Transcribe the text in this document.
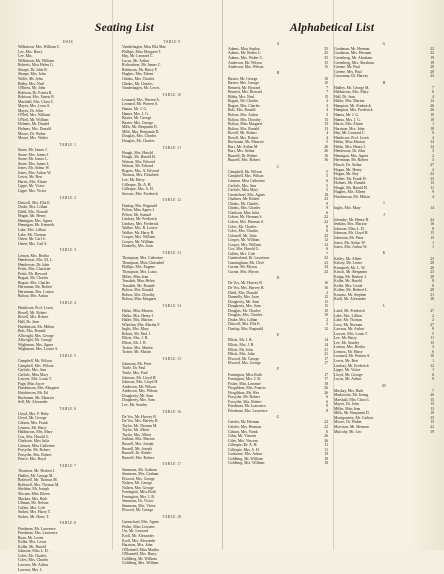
Seating List	Alphabetical List
DAIS
Wilkinson, Mrs. William C.
Lee, Mrs. Harry
Lee, Mrs.
Wilkinson, Mr. William
Roberts, Miss Helen G.
Sharpe, Dr. John R.
Sharpe, Mrs. John
Wolfe, Mr. John
Bibby, Mrs. Neal
O'Brien, Mr. John
Robison, Dr. Ernest R.
Robison, Mrs. Ernest R.
Marshall, Mrs. Clara C.
Mayes, Mrs. Leon A.
Mayes, Dr. John
O'Neil, Mrs. William
O'Neil, Mr. William
Holmes, Mr. Donald
Holmes, Mrs. Donald
Moore, Dr. Walter
Moore, Mrs. Walter
TABLE 1
Stone, Mr. James J.
Stone, Mrs. James J.
Stone, Mr. James L.
Stone, Mrs. James L.
Jones, Mr. Arthur W.
Jones, Mrs. Arthur W.
Lewis, Mr. Bert
Harris, Mrs. Elaine
Lippe, Mr. Victor
Lippe, Mrs. Victor
TABLE 2
Driscoll, Mrs. Ella E.
Drake, Mrs. Lillian
Diehl, Mrs. Donald
Hogan, Mr. Henry
Hennigan, Mrs. Agnes
Hennigan, Mr. Kenneth
Lake, Mrs. Lillian
Lake, Mr. Thomas
Osten, Mr. Carl S.
Osten, Mrs. Carl S.
TABLE 3
Lemon, Mrs. Bertha
Henderson, Mrs. M. L.
Henderson, Dr. John
Pettis, Mrs. Charlotte
Pettis, Mr. Howard
Bogart, Mr. Charles
Bogart, Mrs. Charles
Herrmann, Mr. Robert
Herrmann, Mrs. Louise
Bolton, Mrs. Arthur
TABLE 4
Heathcote, Prof. Lewis
Bovell, Mr. Robert
Bovell, Mrs. Robert
Hall, Dr. Jean
Hutchinson, Mr. Milton
Bolt, Mrs. Ronald
Allwright, Mrs. George
Allwright, Mr. George
Wightman, Mrs. Agnes
Wightman, Mrs. Louise S.
TABLE 5
Campbell, Mr. Wilson
Campbell, Mrs. Wilson
Carlisle, Mrs. Ann
Carlisle, Miss Mary
Lawyer, Mrs. Louis T.
Page, Miss Joyce
Hutchinson, Mrs. Margaret
Hutchinson, Mr. Ed
Buchanan, Mr. Maurice
Sell, Mr. Alexander
TABLE 6
Lloyd, Mrs. F. Ruby
Lloyd, Mr. George
Gibson, Mrs. Frank
Lennox, Mr. Harry
Haliburton, Mrs. Mary
Cox, Mrs. Harold G.
Clarkson, Miss Julia
Cannon, Miss Catherine
Forsythe, Mr. Robert
Forsythe, Mrs. Robert
Prince, Mrs. Boyd
TABLE 7
Thornton, Mr. Herbert J.
Hadley, Mr. George M.
Rothwell, Mr. Thomas M.
Rothwell, Mrs. Thomas M.
Sheldon, Mr. Joseph
Slocum, Miss Eileen
Mackay, Mrs. Ruth
Ullman, Mr. Nelson
Cullen, Mrs. Cole
Stokes, Mrs. Harry T.
Stokes, Mr. Harry T.
TABLE 8
Friedman, Mr. Lawrence
Friedman, Mrs. Lawrence
Ryan, Mr. Lester
Kolbe, Mrs. Lester
Kolbe, Mr. Harold
Johnson, Miss L. D.
Coles, Mr. Charles
Coles, Mrs. Charles
Lawson, Mr. Arthur
Lawson, Mrs. J.
TABLE 9
Vanderhagen, Miss Ella Mae
Phillips, Miss Margaret T.
Hay, Mr. Leonard C.
Lucas, Mr. Arthur
Richardson, Mr. James C.
Robinson, Mr. Harry F.
Hughes, Mrs. Eileen
Chinks, Mrs. Charles
Chinks, Mr. Charles
Vanderhagen, Mr. Lewis
TABLE 10
Leonard, Mrs. Warren A.
Leonard, Mr. Warren A.
Hanna, Mr. J. G.
Hanna, Mrs. J. G.
Baxter, Mr. George
Baxter, Mrs. George
Mills, Mr. Benjamin D.
Mills, Mrs. Benjamin D.
Douglas, Mrs. Charles
Douglas, Mr. Charles
TABLE 11
Hough, Mrs. Harold
Hough, Mr. Harold H.
Watson, Mrs. Edward
Watson, Mr. Edward
Rogers, Mrs. A. Edward
Thomas, Mrs. Elizabeth
Lee, Mr. Harry
Gillespie, Dr. A. H.
Gillespie, Mrs. A. H.
Stewart, Mrs. Frederick
TABLE 12
Dunlop, Mrs. Reginald
Pelton, Miss Agnes J.
Pelton, Mr. Samuel
Lindsay, Mr. Frederick
Lindsay, Mrs. Frederick
Walker, Mrs. R. Louise
Walker, Mr. Harry B.
Cooper, Mrs. William
Cooper, Mr. William
Donnelly, Mrs. Joan
TABLE 13
Thompson, Mrs. Catherine
Thompson, Miss Christabel
Phillips, Mrs. Eugene
Thompson, Mrs. Louis
Miller, Miss Jean
Teasdale, Miss Helen
Teasdale, Mr. Ronald
Bolton, Mrs. Ronald
Bolton, Mrs. Dorothy
Bolton, Miss Margaret
TABLE 14
Heiko, Miss Marion
Heiko, Mrs. Henry J.
Haller, Mrs. Marion
Wheelan, Mrs. Martha F.
Inglis, Mrs. Mary
Robert, Mr. Paul J.
Elliott, Mrs. J. R.
Elliott, Mr. J. R.
Trotter, Mrs. Martin
Trotter, Mr. Martin
TABLE 15
Johnston, Mr. Peter
Tuttle, Dr. Paul
Tuttle, Mrs. Paul
Johnson, Mr. Lloyd H.
Johnson, Mrs. Lloyd H.
Anderson, Mr. Wilson
Anderson, Mrs. Wilson
Dougherty, Mr. Sam
Dougherty, Mrs. Sam
Lee, Mr. Stanley
TABLE 16
De Vos, Mr. Harvey B.
De Vos, Mrs. Harvey B.
Taylor, Mr. Thomas M.
Taylor, Mr. Albert
Taylor, Mrs. Albert
Jenkins, Mrs. Marion
Russell, Mrs. Joseph
Russell, Mr. Joseph
Buzzell, Dr. Robert
Buzzell, Mrs. Robert
TABLE 17
Simmons, Mr. Graham
Simmons, Mrs. Graham
Elwood, Mrs. George
Nulsen, Mr. George
Nulsen, Mrs. George
Farrington, Miss Ruth
Farrington, Mrs. J. B.
Simmons, Dr. Victor
Simmons, Mrs. Victor
Elwood, Mr. George
TABLE 18
Carmichael, Mrs. Agnes
Fisher, Miss Lorraine
Orr, Mr. Leonard
Kroll, Mr. Alexander
Kroll, Mrs. Alexander
Harrison, Mrs. John
O'Donnell, Miss Martha
O'Donnell, Mrs. Harry
Goldberg, Mr. William
Goldberg, Mrs. William
A
Adams, Miss Sophia	25
Adams, Mr. Walter C.	25
Adams, Mrs. Walter C.	25
Anderson, Mr. Wilson	15
Anderson, Mrs. Wilson	15
B
Baxter, Mr. George	10
Baxter, Mrs. George	10
Bennett, Mr. Howard	7
Bennett, Mrs. Howard	7
Bibby, Mrs. Neal	D
Bogart, Mr. Charles	3
Bogart, Mrs. Charles	3
Bolt, Mrs. Ronald	4
Bolton, Mrs. Arthur	3
Bolton, Mrs. Dorothy	13
Bolton, Miss Margaret	13
Bolton, Mrs. Ronald	13
Bovell, Mr. Robert	4
Bovell, Mrs. Robert	4
Buchanan, Mr. Maurice	5
Burr, Mr. Arthur M.	26
Burr, Mrs. Arthur	26
Buzzell, Dr. Robert	16
Buzzell, Mrs. Robert	16
C
Campbell, Mr. Wilson	5
Campbell, Mrs. Wilson	5
Cannon, Miss Catherine	6
Carlisle, Mrs. Ann	5
Carlisle, Miss Mary	5
Carmichael, Mrs. Agnes	18
Chalmer, Mr. Robert	23
Chinks, Mr. Charles	9
Chinks, Mrs. Charles	9
Clarkson, Miss Julia	6
Cohen, Mr. Herman S.	22
Cohen, Mrs. Herman S.	22
Coles, Mr. Charles	8
Coles, Mrs. Charles	8
Colonell, Mr. John	23
Cooper, Mr. William	12
Cooper, Mrs. William	12
Cox, Mrs. Harold G.	6
Cullen, Mrs. Cole	7
Cumberland, Dr. Lawrence	22
Cunningham, Mr. Clive	23
Curnie, Mr. Myron	24
Curnie, Mrs. Myron	24
D
De Vos, Mr. Harvey B.	16
De Vos, Mrs. Harvey B.	16
Diehl, Mrs. Donald	2
Donnelly, Mrs. Joan	12
Dougherty, Mr. Sam	15
Dougherty, Mrs. Sam	15
Douglas, Mr. Charles	10
Douglas, Mrs. Charles	10
Drake, Mrs. Lillian	2
Driscoll, Mrs. Ella E.	2
Dunlop, Mrs. Reginald	12
E
Elliott, Mr. J. R.	14
Elliott, Mrs. J. R.	14
Elliott, Mr. John	21
Elliott, Mrs. John	21
Elwood, Mr. George	17
Elwood, Mrs. George	17
F
Farrington, Miss Ruth	17
Farrington, Mrs. J. B.	17
Fisher, Miss Lorraine	18
Fitzgibbon, Mrs. Francis	26
Fitzgibbon, Mr. Wes	26
Forsythe, Mr. Robert	6
Forsythe, Mrs. Robert	6
Friedman, Mr. Lawrence	8
Friedman, Mrs. Lawrence	8
G
Geisler, Mr. Herman	22
Geisler, Mrs. Herman	22
Gibson, Mrs. Frank	6
Giles, Mr. Vincent	26
Giles, Mrs. Vincent	26
Gillespie, Dr. A. H.	11
Gillespie, Mrs. A. H.	11
Godsome, Mrs. Arthur	19
Goldberg, Mr. William	18
Goldberg, Mrs. William	18
G
Goodman, Mr. Herman	22
Goodman, Mrs. Herman	22
Greenberg, Mr. Abraham	19
Greenberg, Mrs. Abraham	19
Greene, Mr. Paul	28
Greene, Mrs. Paul	28
Grossman, Dr. Harvey	23
H
Hadley, Mr. George M.	7
Haliburton, Mrs. Mary	6
Hall, Dr. Jean	4
Haller, Mrs. Marion	14
Hampton, Mr. Frederick	26
Hampton, Mrs. Frederick	26
Hanna, Mr. J. G.	10
Hanna, Mrs. J. G.	10
Harris, Mrs. Elaine	1
Harrison, Mrs. John	18
Hay, Mr. Leonard C.	9
Heathcote, Prof. Lewis	4
Heiko, Miss Marion	14
Heiko, Mrs. Henry J.	14
Henderson, Dr. John	3
Hennigan, Mrs. Agnes	2
Herrmann, Mr. Robert	3
Hirsch, Dr. Arthur	27
Hogan, Mr. Henry	2
Hogan, Mr. Ray	24
Hollett, Mr. Frank W.	25
Holmes, Mr. Donald	D
Hough, Mr. Harold H.	11
Hughes, Mrs. Eileen	9
Hutchinson, Mr. Milton	4
I
Inglis, Mrs. Mary	14
J
Jelensky, Mr. Henry B.	24
Jenkins, Mrs. Marion	16
Johnson, Miss L. D.	8
Johnson, Mr. Lloyd H.	15
Johnston, Mr. Peter	15
Jones, Mr. Arthur W.	1
Jones, Mrs. Arthur W.	1
K
Kelley, Mr. Albert	23
Kelsey, Mr. Lester	28
Kiraspeth, Mr. L. W.	20
Kirsch, Mr. Benjamin	23
Knipp, Mr. Herbert J.	28
Kolbe, Mr. Harold	8
Kolbe, Mrs. Lester	8
Kolber, Mr. Herbert L.	20
Kosnitz, Mr. Stephen	21
Kroll, Mr. Alexander	18
L
Laird, Mr. Frederick	27
Lake, Mrs. Lillian	2
Lake, Mr. Thomas	2
Lavy, Mr. Norman	27
Lawson, Mr. Arthur	8
Lawyer, Mrs. Louis T.	5
Lee, Mr. Harry	11
Lee, Mr. Stanley	15
Lemon, Mrs. Bertha	3
Lennox, Mr. Harry	6
Leonard, Mr. Warren A.	10
Lewis, Mr. Bert	1
Lindsay, Mr. Frederick	12
Lippe, Mr. Victor	1
Lloyd, Mr. George	6
Lucas, Mr. Arthur	9
M
Mackay, Mrs. Ruth	7
Markowitz, Mr. Irving	20
Marshall, Mrs. Clara C.	D
Mayes, Dr. John	D
Miller, Miss Jean	13
Mills, Mr. Benjamin D.	10
Montgomery, Mr. Carlton	25
Moore, Dr. Walter	D
Morrison, Mr. Herman	22
Mulcahy, Mr. Leo	19
